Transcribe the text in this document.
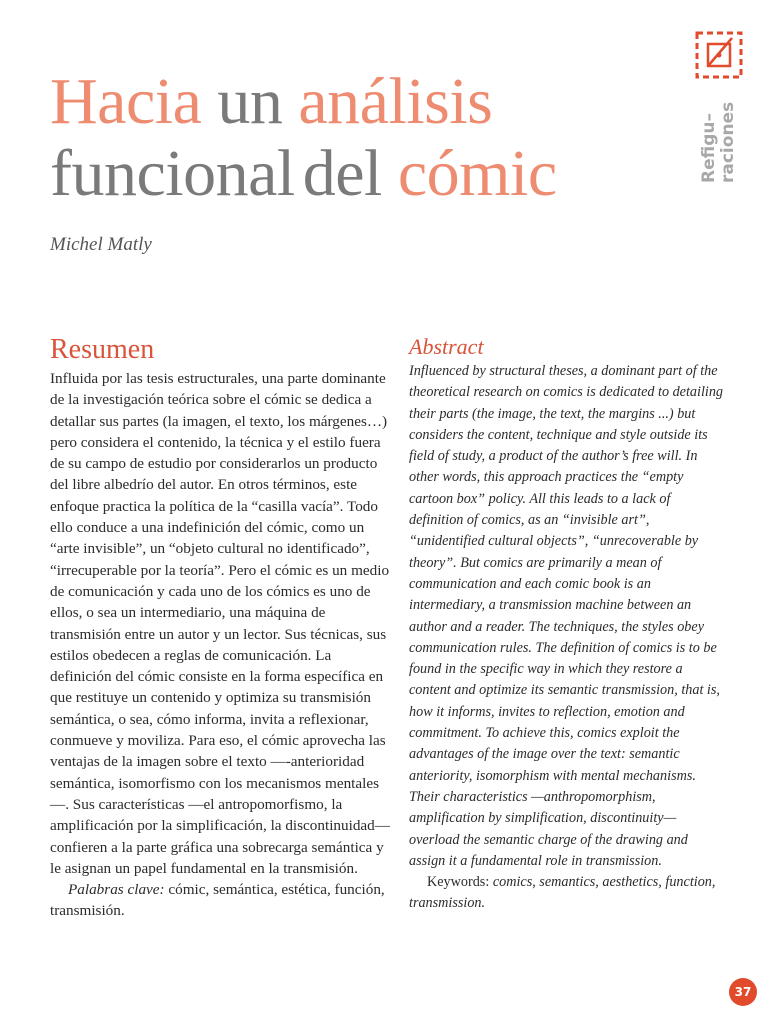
Hacia un análisis
funcional del cómic

Michel Matly

Refigu– raciones
Resumen

Influida por las tesis estructurales, una parte dominante de la investigación teórica sobre el cómic se dedica a detallar sus partes (la imagen, el texto, los márgenes…) pero considera el contenido, la técnica y el estilo fuera de su campo de estudio por considerarlos un producto del libre albedrío del autor. En otros términos, este enfoque practica la política de la “casilla vacía”. Todo ello conduce a una indefinición del cómic, como un “arte invisible”, un “objeto cultural no identificado”, “irrecuperable por la teoría”. Pero el cómic es un medio de comunicación y cada uno de los cómics es uno de ellos, o sea un intermediario, una máquina de transmisión entre un autor y un lector. Sus técnicas, sus estilos obedecen a reglas de comunicación. La definición del cómic consiste en la forma específica en que restituye un contenido y optimiza su transmisión semántica, o sea, cómo informa, invita a reflexionar, conmueve y moviliza. Para eso, el cómic aprovecha las ventajas de la imagen sobre el texto —-anterioridad semántica, isomorfismo con los mecanismos mentales—. Sus características —el antropomorfismo, la amplificación por la simplificación, la discontinuidad— confieren a la parte gráfica una sobrecarga semántica y le asignan un papel fundamental en la transmisión.

Palabras clave: cómic, semántica, estética, función, transmisión.

Abstract

Influenced by structural theses, a dominant part of the theoretical research on comics is dedicated to detailing their parts (the image, the text, the margins ...) but considers the content, technique and style outside its field of study, a product of the author’s free will. In other words, this approach practices the “empty cartoon box” policy. All this leads to a lack of definition of comics, as an “invisible art”, “unidentified cultural objects”, “unrecoverable by theory”. But comics are primarily a mean of communication and each comic book is an intermediary, a transmission machine between an author and a reader. The techniques, the styles obey communication rules. The definition of comics is to be found in the specific way in which they restore a content and optimize its semantic transmission, that is, how it informs, invites to reflection, emotion and commitment. To achieve this, comics exploit the advantages of the image over the text: semantic anteriority, isomorphism with mental mechanisms. Their characteristics —anthropomorphism, amplification by simplification, discontinuity— overload the semantic charge of the drawing and assign it a fundamental role in transmission.

Keywords: comics, semantics, aesthetics, function, transmission.

37
